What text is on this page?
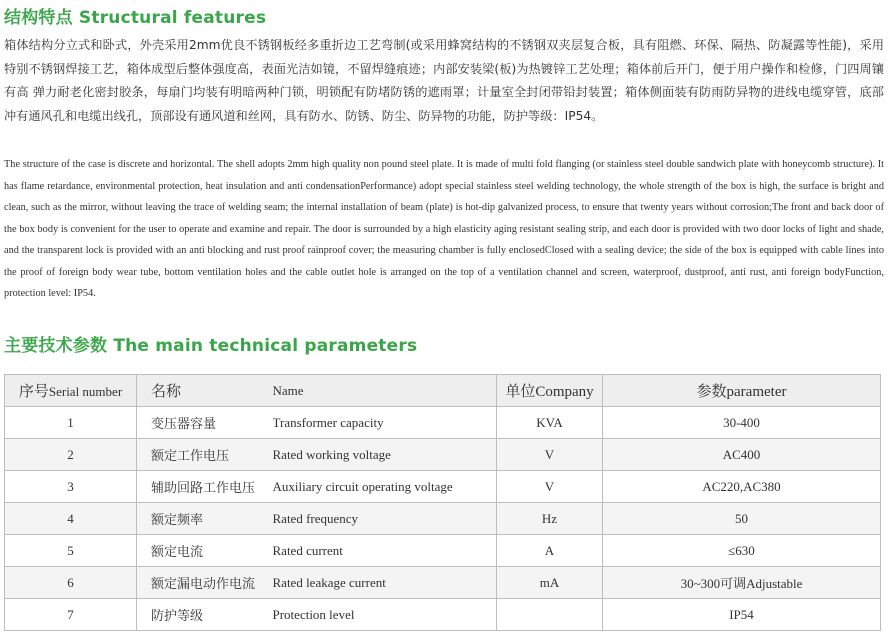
结构特点 Structural features

箱体结构分立式和卧式，外壳采用2mm优良不锈钢板经多重折边工艺弯制(或采用蜂窝结构的不锈钢双夹层复合板，具有阻燃、环保、隔热、防凝露等性能)，采用特别不锈钢焊接工艺，箱体成型后整体强度高，表面光洁如镜，不留焊缝痕迹；内部安装梁(板)为热镀锌工艺处理；箱体前后开门，便于用户操作和检修，门四周镶有高 弹力耐老化密封胶条，每扇门均装有明暗两种门锁，明锁配有防堵防锈的遮雨罩；计量室全封闭带铅封装置；箱体侧面装有防雨防异物的进线电缆穿管，底部冲有通风孔和电缆出线孔，顶部设有通风道和丝网，具有防水、防锈、防尘、防异物的功能，防护等级：IP54。

The structure of the case is discrete and horizontal. The shell adopts 2mm high quality non pound steel plate. It is made of multi fold flanging (or stainless steel double sandwich plate with honeycomb structure). It has flame retardance, environmental protection, heat insulation and anti condensationPerformance) adopt special stainless steel welding technology, the whole strength of the box is high, the surface is bright and clean, such as the mirror, without leaving the trace of welding seam; the internal installation of beam (plate) is hot-dip galvanized process, to ensure that twenty years without corrosion;The front and back door of the box body is convenient for the user to operate and examine and repair. The door is surrounded by a high elasticity aging resistant sealing strip, and each door is provided with two door locks of light and shade, and the transparent lock is provided with an anti blocking and rust proof rainproof cover; the measuring chamber is fully enclosedClosed with a sealing device; the side of the box is equipped with cable lines into the proof of foreign body wear tube, bottom ventilation holes and the cable outlet hole is arranged on the top of a ventilation channel and screen, waterproof, dustproof, anti rust, anti foreign bodyFunction, protection level: IP54.

主要技术参数 The main technical parameters
序号Serial number	名称	Name	单位Company	参数parameter
1	变压器容量	Transformer capacity	KVA	30-400
2	额定工作电压	Rated working voltage	V	AC400
3	辅助回路工作电压	Auxiliary circuit operating voltage	V	AC220,AC380
4	额定频率	Rated frequency	Hz	50
5	额定电流	Rated current	A	≤630
6	额定漏电动作电流	Rated leakage current	mA	30~300可调Adjustable
7	防护等级	Protection level		IP54
